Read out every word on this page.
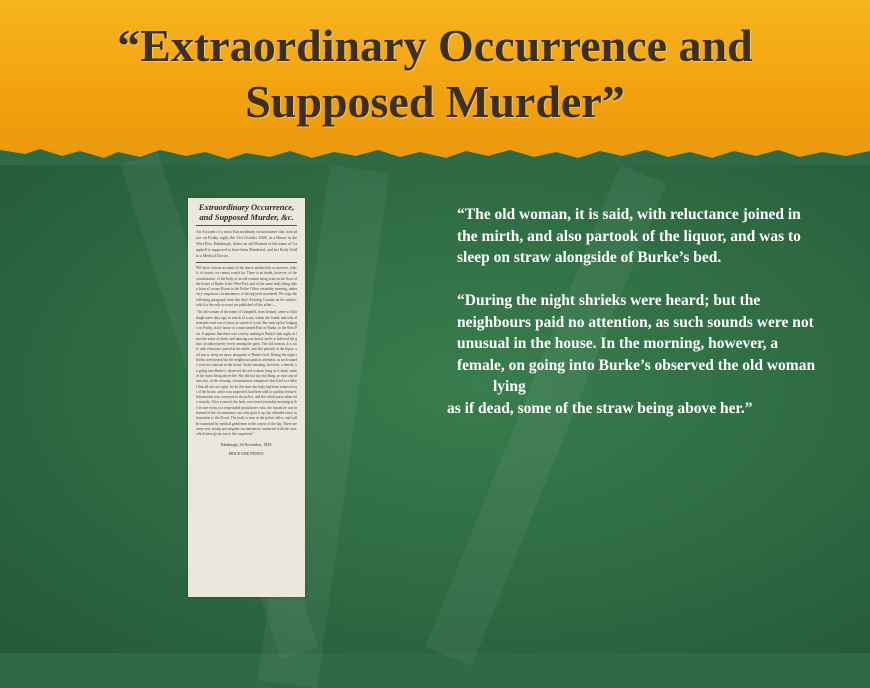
“Extraordinary Occurrence and Supposed Murder”
Extraordinary Occurrence, and Supposed Murder, &c.
An Account of a most Extraordinary circumstance that took place on Friday night, the 31st October 1828, in a House in the West Port, Edinburgh, where an old Woman of the name of Campbell is supposed to have been Murdered, and her Body Sold to a Medical Doctor.
WE have various accounts of the above melancholy occurrence, which, of course, we cannot vouch for. There is no doubt, however, of the circumstance, of the body of an old woman being seen on the floor of the house of Burke in the West Port, and of the same body being taken from a Lecture Room to the Police Office yesterday morning, under very suspicious circumstances of having been murdered. We copy the following paragraph from this day's Evening Courant on the subject, which is the only account yet published of this affair:—
"An old woman of the name of Campbell, from Ireland, came to Edinburgh some days ago, in search of a son, whom she found, and who afterwards went out of town, in search of work. She took up her lodgings on Friday, in the house of a man named Burt or Burke, in the West Port. It appears that there was a merry making in Burke's that night; at least the noise of music and dancing was heard, and it is believed the glass circulated pretty freely among the party. The old woman, it is said, with reluctance joined in the mirth, and also partook of the liquor, and was to sleep on straw alongside of Burke's bed. During the night shrieks were heard; but the neighbours paid no attention, as such sounds were not unusual in the house. In the morning, however, a female, on going into Burke's, observed the old woman lying as if dead, some of the straw being above her. She did not say any thing, or raise any alarm; but, in the evening, circumstances transpired which led to a belief that all was not right, for by this time the body had been removed out of the house, and it was suspected, had been sold to a public lecturer. Information was conveyed to the police, and the whole party taken into custody. After a search, the body was found yesterday morning in the lecture room of a respectable practitioner, who, the instant he was informed of the circumstance, not only gave it up, but afforded every information to the Fiscal. The body is now in the police office, and will be examined by medical gentlemen in the course of the day. There are some very strong and singular circumstances connected with the case, which have given rise to the suspicions."
Edinburgh, 3d November, 1828.
PRICE ONE PENNY.
“The old woman, it is said, with reluctance joined in the mirth, and also partook of the liquor, and was to sleep on straw alongside of Burke’s bed.
“During the night shrieks were heard; but the neighbours paid no attention, as such sounds were not unusual in the house. In the morning, however, a female, on going into Burke’s observed the old woman
lying
as if dead, some of the straw being above her.”
